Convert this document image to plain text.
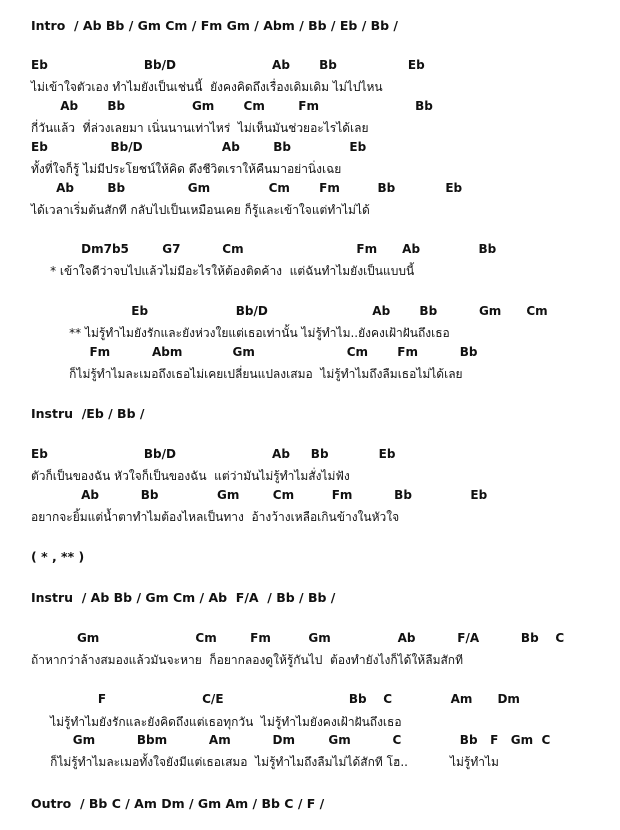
Intro  / Ab Bb / Gm Cm / Fm Gm / Abm / Bb / Eb / Bb /
Eb                       Bb/D                       Ab       Bb                 Eb
ไม่เข้าใจตัวเอง ทำไมยังเป็นเช่นนี้  ยังคงคิดถึงเรื่องเดิมเดิม ไม่ไปไหน
Ab       Bb                Gm       Cm        Fm                       Bb
กี่วันแล้ว  ที่ล่วงเลยมา เนิ่นนานเท่าไหร่  ไม่เห็นมันช่วยอะไรได้เลย
Eb               Bb/D                   Ab        Bb              Eb
ทั้งที่ใจก็รู้ ไม่มีประโยชน์ให้คิด ดึงชีวิตเราให้คืนมาอย่านิ่งเฉย
Ab        Bb               Gm              Cm       Fm         Bb            Eb
ได้เวลาเริ่มต้นสักที กลับไปเป็นเหมือนเคย ก็รู้และเข้าใจแต่ทำไม่ได้
Dm7b5        G7          Cm                           Fm      Ab              Bb
* เข้าใจดีว่าจบไปแล้วไม่มีอะไรให้ต้องติดค้าง  แต่ฉันทำไมยังเป็นแบบนี้
Eb                     Bb/D                         Ab       Bb          Gm      Cm
** ไม่รู้ทำไมยังรักและยังห่วงใยแต่เธอเท่านั้น ไม่รู้ทำไม..ยังคงเฝ้าฝันถึงเธอ
Fm          Abm            Gm                      Cm       Fm          Bb
ก็ไม่รู้ทำไมละเมอถึงเธอไม่เคยเปลี่ยนแปลงเสมอ  ไม่รู้ทำไมถึงลืมเธอไม่ได้เลย
Instru  /Eb / Bb /
Eb                       Bb/D                       Ab     Bb            Eb
ตัวก็เป็นของฉัน หัวใจก็เป็นของฉัน  แต่ว่ามันไม่รู้ทำไมสั่งไม่ฟัง
Ab          Bb              Gm        Cm         Fm          Bb              Eb
อยากจะยิ้มแต่น้ำตาทำไมต้องไหลเป็นทาง  อ้างว้างเหลือเกินข้างในหัวใจ
( * , ** )
Instru  / Ab Bb / Gm Cm / Ab  F/A  / Bb / Bb /
Gm                       Cm        Fm         Gm                Ab          F/A          Bb    C
ถ้าหากว่าล้างสมองแล้วมันจะหาย  ก็อยากลองดูให้รู้กันไป  ต้องทำยังไงก็ได้ให้ลืมสักที
F                       C/E                              Bb    C              Am      Dm
ไม่รู้ทำไมยังรักและยังคิดถึงแต่เธอทุกวัน  ไม่รู้ทำไมยังคงเฝ้าฝันถึงเธอ
Gm          Bbm          Am          Dm        Gm          C              Bb   F   Gm  C
ก็ไม่รู้ทำไมละเมอทั้งใจยังมีแต่เธอเสมอ  ไม่รู้ทำไมถึงลืมไม่ได้สักที โฮ..           ไม่รู้ทำไม
Outro  / Bb C / Am Dm / Gm Am / Bb C / F /
